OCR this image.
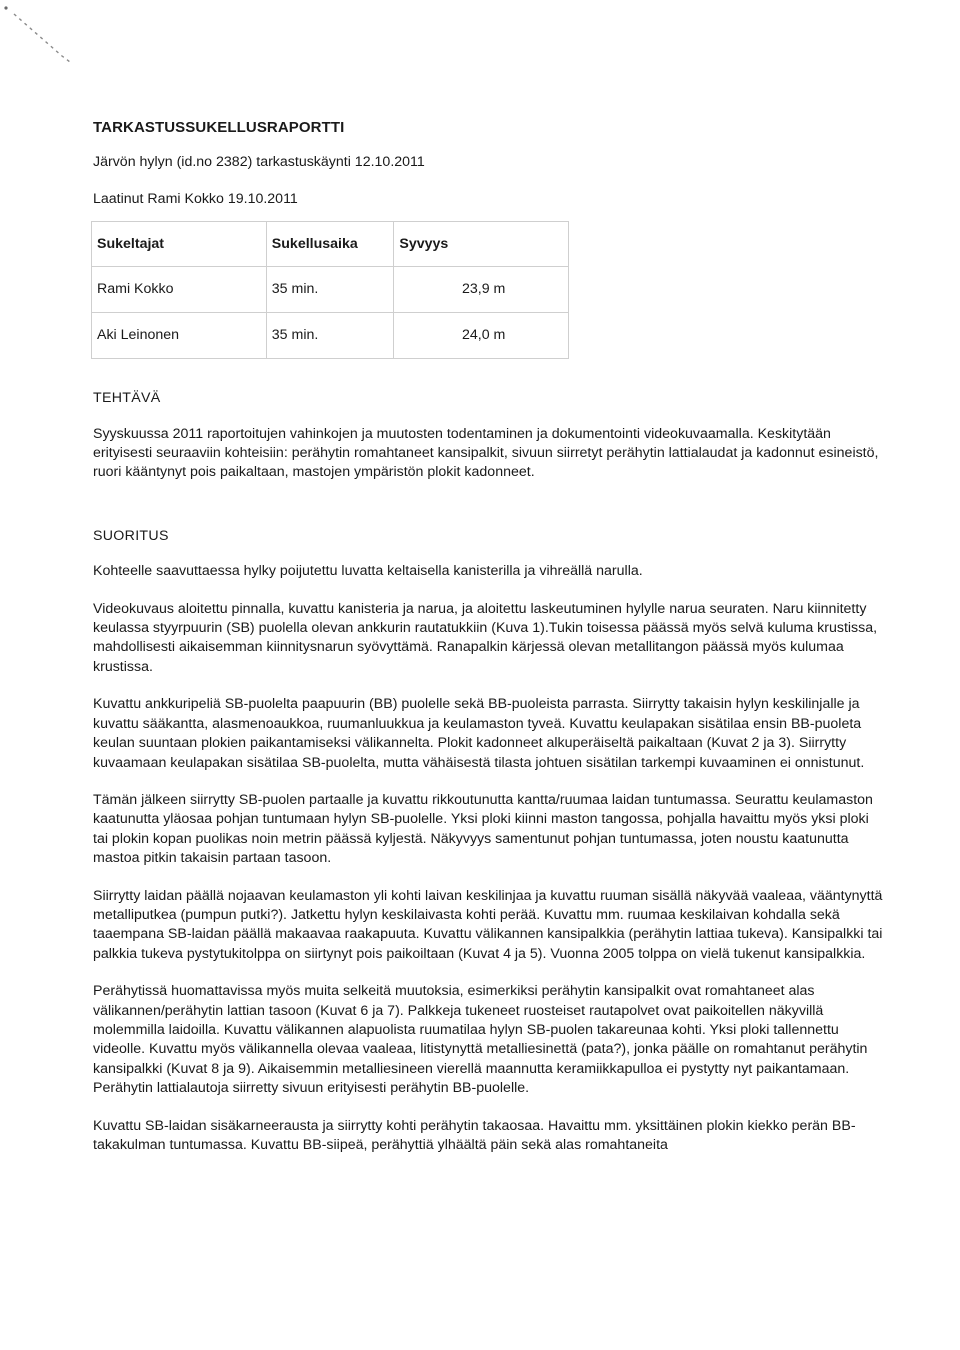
TARKASTUSSUKELLUSRAPORTTI
Järvön hylyn (id.no 2382) tarkastuskäynti 12.10.2011
Laatinut Rami Kokko 19.10.2011
Sukeltajat	Sukellusaika	Syvyys
Rami Kokko	35 min.	23,9 m
Aki Leinonen	35 min.	24,0 m
TEHTÄVÄ
Syyskuussa 2011 raportoitujen vahinkojen ja muutosten todentaminen ja dokumentointi videokuvaamalla. Keskitytään erityisesti seuraaviin kohteisiin: perähytin romahtaneet kansipalkit, sivuun siirretyt perähytin lattialaudat ja kadonnut esineistö, ruori kääntynyt pois paikaltaan, mastojen ympäristön plokit kadonneet.
SUORITUS
Kohteelle saavuttaessa hylky poijutettu luvatta keltaisella kanisterilla ja vihreällä narulla.
Videokuvaus aloitettu pinnalla, kuvattu kanisteria ja narua, ja aloitettu laskeutuminen hylylle narua seuraten. Naru kiinnitetty keulassa styyrpuurin (SB) puolella olevan ankkurin rautatukkiin (Kuva 1).Tukin toisessa päässä myös selvä kuluma krustissa, mahdollisesti aikaisemman kiinnitysnarun syövyttämä. Ranapalkin kärjessä olevan metallitangon päässä myös kulumaa krustissa.
Kuvattu ankkuripeliä SB-puolelta paapuurin (BB) puolelle sekä BB-puoleista parrasta. Siirrytty takaisin hylyn keskilinjalle ja kuvattu sääkantta, alasmenoaukkoa, ruumanluukkua ja keulamaston tyveä. Kuvattu keulapakan sisätilaa ensin BB-puoleta keulan suuntaan plokien paikantamiseksi välikannelta. Plokit kadonneet alkuperäiseltä paikaltaan (Kuvat 2 ja 3). Siirrytty kuvaamaan keulapakan sisätilaa SB-puolelta, mutta vähäisestä tilasta johtuen sisätilan tarkempi kuvaaminen ei onnistunut.
Tämän jälkeen siirrytty SB-puolen partaalle ja kuvattu rikkoutunutta kantta/ruumaa laidan tuntumassa. Seurattu keulamaston kaatunutta yläosaa pohjan tuntumaan hylyn SB-puolelle. Yksi ploki kiinni maston tangossa, pohjalla havaittu myös yksi ploki tai plokin kopan puolikas noin metrin päässä kyljestä. Näkyvyys samentunut pohjan tuntumassa, joten noustu kaatunutta mastoa pitkin takaisin partaan tasoon.
Siirrytty laidan päällä nojaavan keulamaston yli kohti laivan keskilinjaa ja kuvattu ruuman sisällä näkyvää vaaleaa, vääntynyttä metalliputkea (pumpun putki?). Jatkettu hylyn keskilaivasta kohti perää. Kuvattu mm. ruumaa keskilaivan kohdalla sekä taaempana SB-laidan päällä makaavaa raakapuuta. Kuvattu välikannen kansipalkkia (perähytin lattiaa tukeva). Kansipalkki tai palkkia tukeva pystytukitolppa on siirtynyt pois paikoiltaan (Kuvat 4 ja 5). Vuonna 2005 tolppa on vielä tukenut kansipalkkia.
Perähytissä huomattavissa myös muita selkeitä muutoksia, esimerkiksi perähytin kansipalkit ovat romahtaneet alas välikannen/perähytin lattian tasoon (Kuvat 6 ja 7). Palkkeja tukeneet ruosteiset rautapolvet ovat paikoitellen näkyvillä molemmilla laidoilla. Kuvattu välikannen alapuolista ruumatilaa hylyn SB-puolen takareunaa kohti. Yksi ploki tallennettu videolle. Kuvattu myös välikannella olevaa vaaleaa, litistynyttä metalliesinettä (pata?), jonka päälle on romahtanut perähytin kansipalkki (Kuvat 8 ja 9). Aikaisemmin metalliesineen vierellä maannutta keramiikkapulloa ei pystytty nyt paikantamaan. Perähytin lattialautoja siirretty sivuun erityisesti perähytin BB-puolelle.
Kuvattu SB-laidan sisäkarneerausta ja siirrytty kohti perähytin takaosaa. Havaittu mm. yksittäinen plokin kiekko perän BB-takakulman tuntumassa. Kuvattu BB-siipeä, perähyttiä ylhäältä päin sekä alas romahtaneita
